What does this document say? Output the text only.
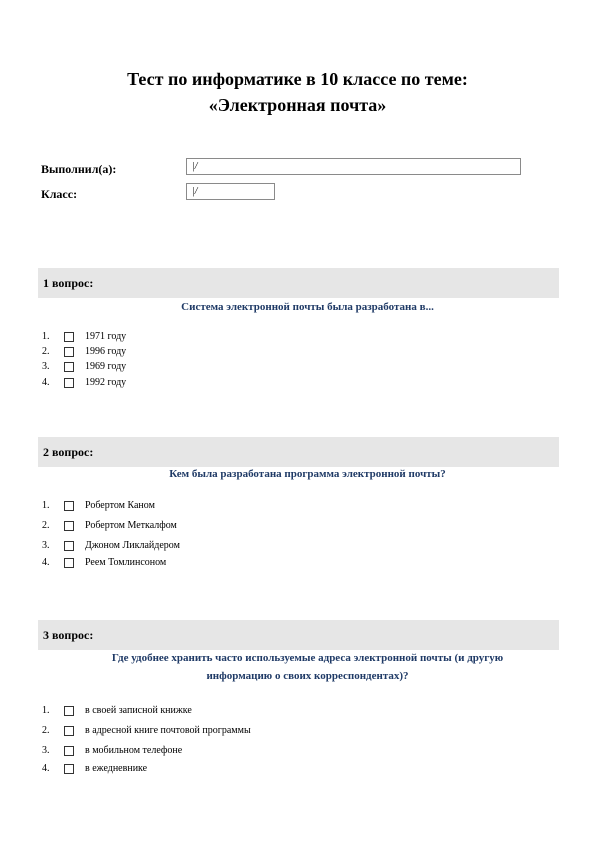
Тест по информатике в 10 классе по теме:
«Электронная почта»
Выполнил(а):	|/
Класс:	|/
1 вопрос:
Система электронной почты была разработана в...
1.	1971 году
2.	1996 году
3.	1969 году
4.	1992 году
2 вопрос:
Кем была разработана программа электронной почты?
1.	Робертом Каном
2.	Робертом Меткалфом
3.	Джоном Ликлайдером
4.	Реем Томлинсоном
3 вопрос:
Где удобнее хранить часто используемые адреса электронной почты (и другую
информацию о своих корреспондентах)?
1.	в своей записной книжке
2.	в адресной книге почтовой программы
3.	в мобильном телефоне
4.	в ежедневнике
